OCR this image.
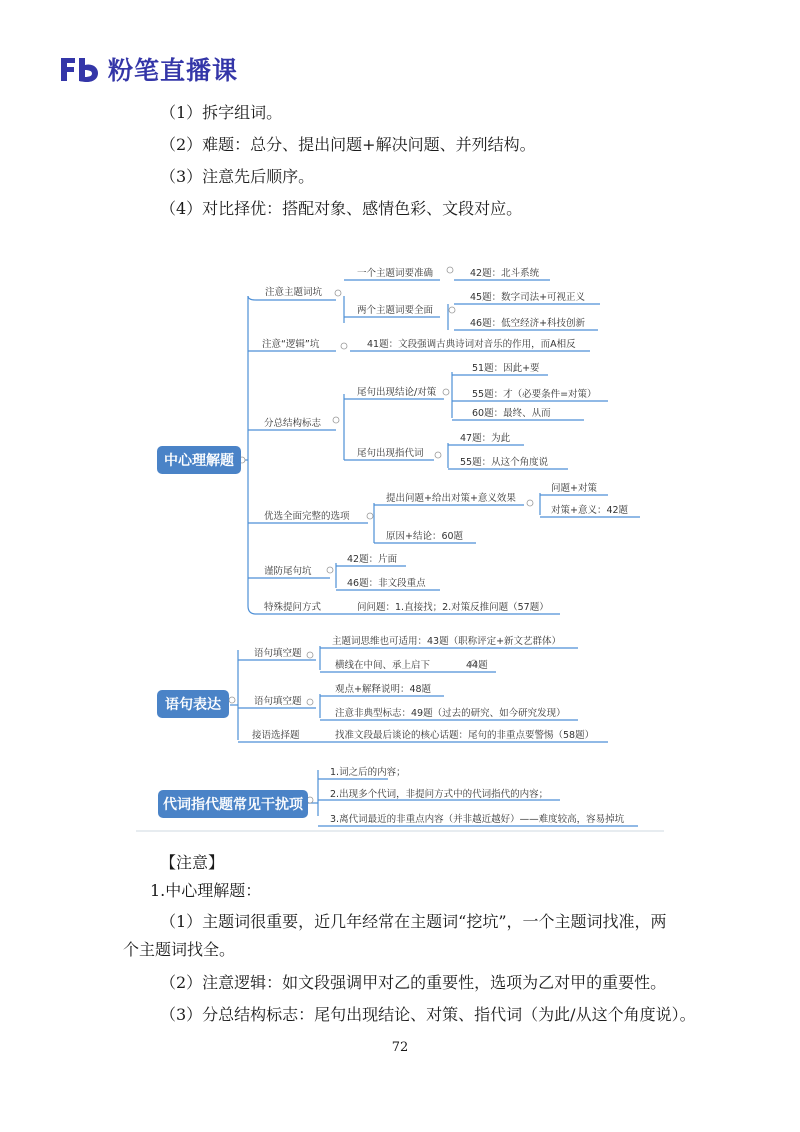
粉笔直播课
（1）拆字组词。
（2）难题：总分、提出问题+解决问题、并列结构。
（3）注意先后顺序。
（4）对比择优：搭配对象、感情色彩、文段对应。
中心理解题
语句表达
代词指代题常见干扰项
注意主题词坑
一个主题词要准确	42题：北斗系统
两个主题词要全面
45题：数字司法+可视正义
46题：低空经济+科技创新
注意“逻辑”坑	41题：文段强调古典诗词对音乐的作用，而A相反
分总结构标志
尾句出现结论/对策
51题：因此+要
55题：才（必要条件=对策）
60题：最终、从而
尾句出现指代词
47题：为此
55题：从这个角度说
优选全面完整的选项
提出问题+给出对策+意义效果
问题+对策
对策+意义：42题
原因+结论：60题
谨防尾句坑
42题：片面
46题：非文段重点
特殊提问方式	问问题：1.直接找；2.对策反推问题（57题）
语句填空题
主题词思维也可适用：43题（职称评定+新文艺群体）
横线在中间、承上启下	44题
语句填空题
观点+解释说明：48题
注意非典型标志：49题（过去的研究、如今研究发现）
接语选择题	找准文段最后谈论的核心话题：尾句的非重点要警惕（58题）
1.词之后的内容；
2.出现多个代词，非提问方式中的代词指代的内容；
3.离代词最近的非重点内容（并非越近越好）——难度较高，容易掉坑
【注意】
1.中心理解题：
（1）主题词很重要，近几年经常在主题词“挖坑”，一个主题词找准，两
个主题词找全。
（2）注意逻辑：如文段强调甲对乙的重要性，选项为乙对甲的重要性。
（3）分总结构标志：尾句出现结论、对策、指代词（为此/从这个角度说）。
72
